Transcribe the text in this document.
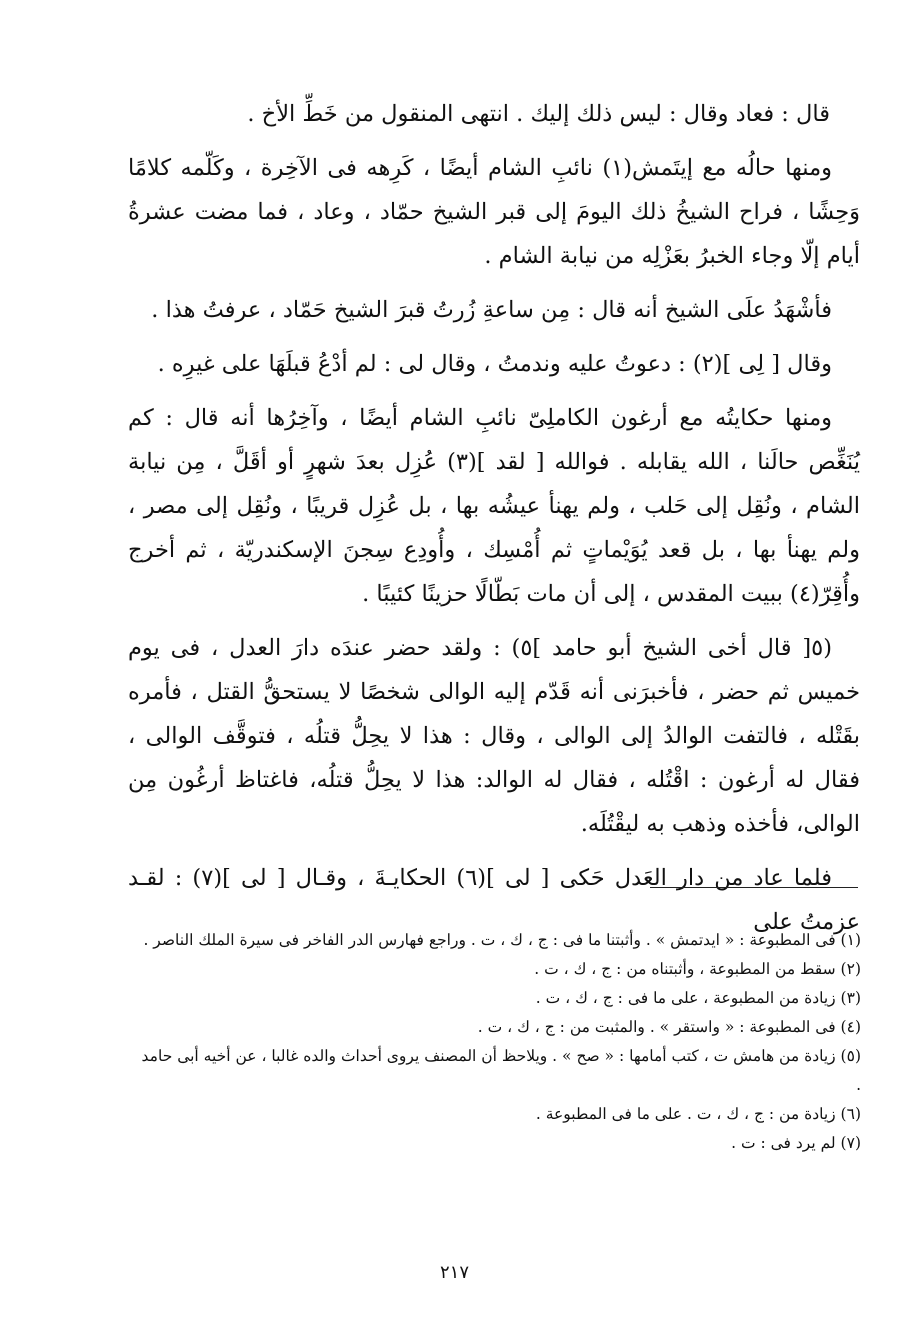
قال : فعاد وقال : ليس ذلك إليك . انتهى المنقول من خَطِّ الأخ .

ومنها حالُه مع إيتَمش(١) نائبِ الشام أيضًا ، كَرِهه فى الآخِرة ، وكَلّمه كلامًا وَحِشًا ، فراح الشيخُ ذلك اليومَ إلى قبر الشيخ حمّاد ، وعاد ، فما مضت عشرةُ أيام إلّا وجاء الخبرُ بعَزْلِه من نيابة الشام .

فأشْهَدُ علَى الشيخ أنه قال : مِن ساعةِ زُرتُ قبرَ الشيخ حَمّاد ، عرفتُ هذا .

وقال [ لِى ](٢) : دعوتُ عليه وندمتُ ، وقال لى : لم أدْعُ قبلَهَا على غيرِه .

ومنها حكايتُه مع أرغون الكاملِىّ نائبِ الشام أيضًا ، وآخِرُها أنه قال : كم يُنَغِّص حالَنا ، الله يقابله . فوالله [ لقد ](٣) عُزِل بعدَ شهرٍ أو أقَلَّ ، مِن نيابة الشام ، ونُقِل إلى حَلب ، ولم يهنأ عيشُه بها ، بل عُزِل قريبًا ، ونُقِل إلى مصر ، ولم يهنأ بها ، بل قعد يُوَيْماتٍ ثم أُمْسِك ، وأُودِع سِجنَ الإسكندريّة ، ثم أخرج وأُقِرّ(٤) ببيت المقدس ، إلى أن مات بَطّالًا حزينًا كئيبًا .

(٥[ قال أخى الشيخ أبو حامد ]٥) : ولقد حضر عندَه دارَ العدل ، فى يوم خميس ثم حضر ، فأخبرَنى أنه قَدّم إليه الوالى شخصًا لا يستحقُّ القتل ، فأمره بقَتْله ، فالتفت الوالدُ إلى الوالى ، وقال : هذا لا يحِلُّ قتلُه ، فتوقَّف الوالى ، فقال له أرغون : اقْتُله ، فقال له الوالد: هذا لا يحِلُّ قتلُه، فاغتاظ أرغُون مِن الوالى، فأخذه وذهب به ليقْتُلَه.

فلما عاد من دار العَدل حَكى [ لى ](٦) الحكايـةَ ، وقـال [ لى ](٧) : لقـد عزمتُ على

(١) فى المطبوعة : « ايدتمش » . وأثبتنا ما فى : ج ، ك ، ت . وراجع فهارس الدر الفاخر فى سيرة الملك الناصر .

(٢) سقط من المطبوعة ، وأثبتناه من : ج ، ك ، ت .

(٣) زيادة من المطبوعة ، على ما فى : ج ، ك ، ت .

(٤) فى المطبوعة : « واستقر » . والمثبت من : ج ، ك ، ت .

(٥) زيادة من هامش ت ، كتب أمامها : « صح » . ويلاحظ أن المصنف يروى أحداث والده غالبا ، عن أخيه أبى حامد .

(٦) زيادة من : ج ، ك ، ت . على ما فى المطبوعة .

(٧) لم يرد فى : ت .

٢١٧
